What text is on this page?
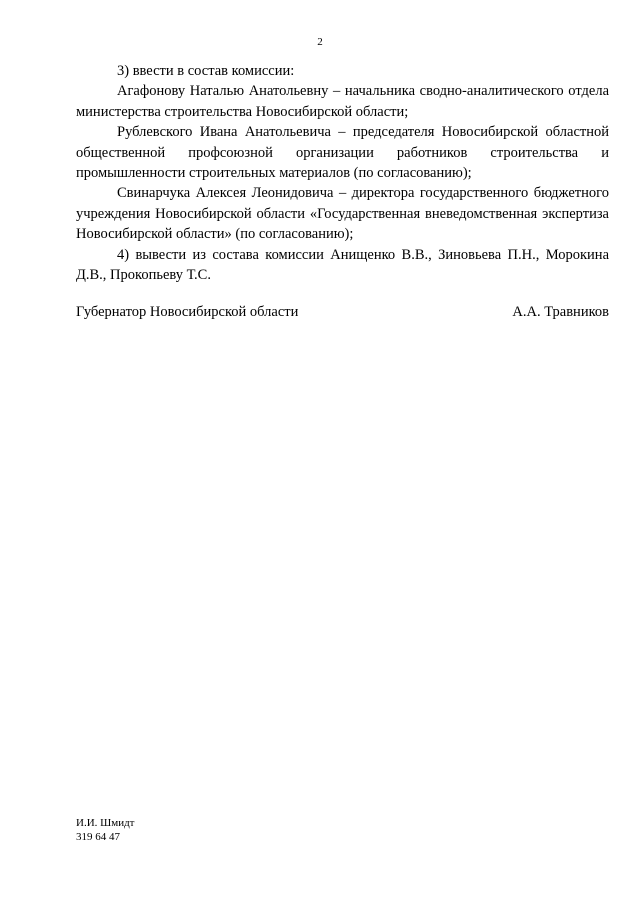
2

3) ввести в состав комиссии:

Агафонову Наталью Анатольевну – начальника сводно-аналитического отдела министерства строительства Новосибирской области;

Рублевского Ивана Анатольевича – председателя Новосибирской областной общественной профсоюзной организации работников строительства и промышленности строительных материалов (по согласованию);

Свинарчука Алексея Леонидовича – директора государственного бюджетного учреждения Новосибирской области «Государственная вневедомственная экспертиза Новосибирской области» (по согласованию);

4) вывести из состава комиссии Анищенко В.В., Зиновьева П.Н., Морокина Д.В., Прокопьеву Т.С.

Губернатор Новосибирской области	А.А. Травников
И.И. Шмидт
319 64 47
